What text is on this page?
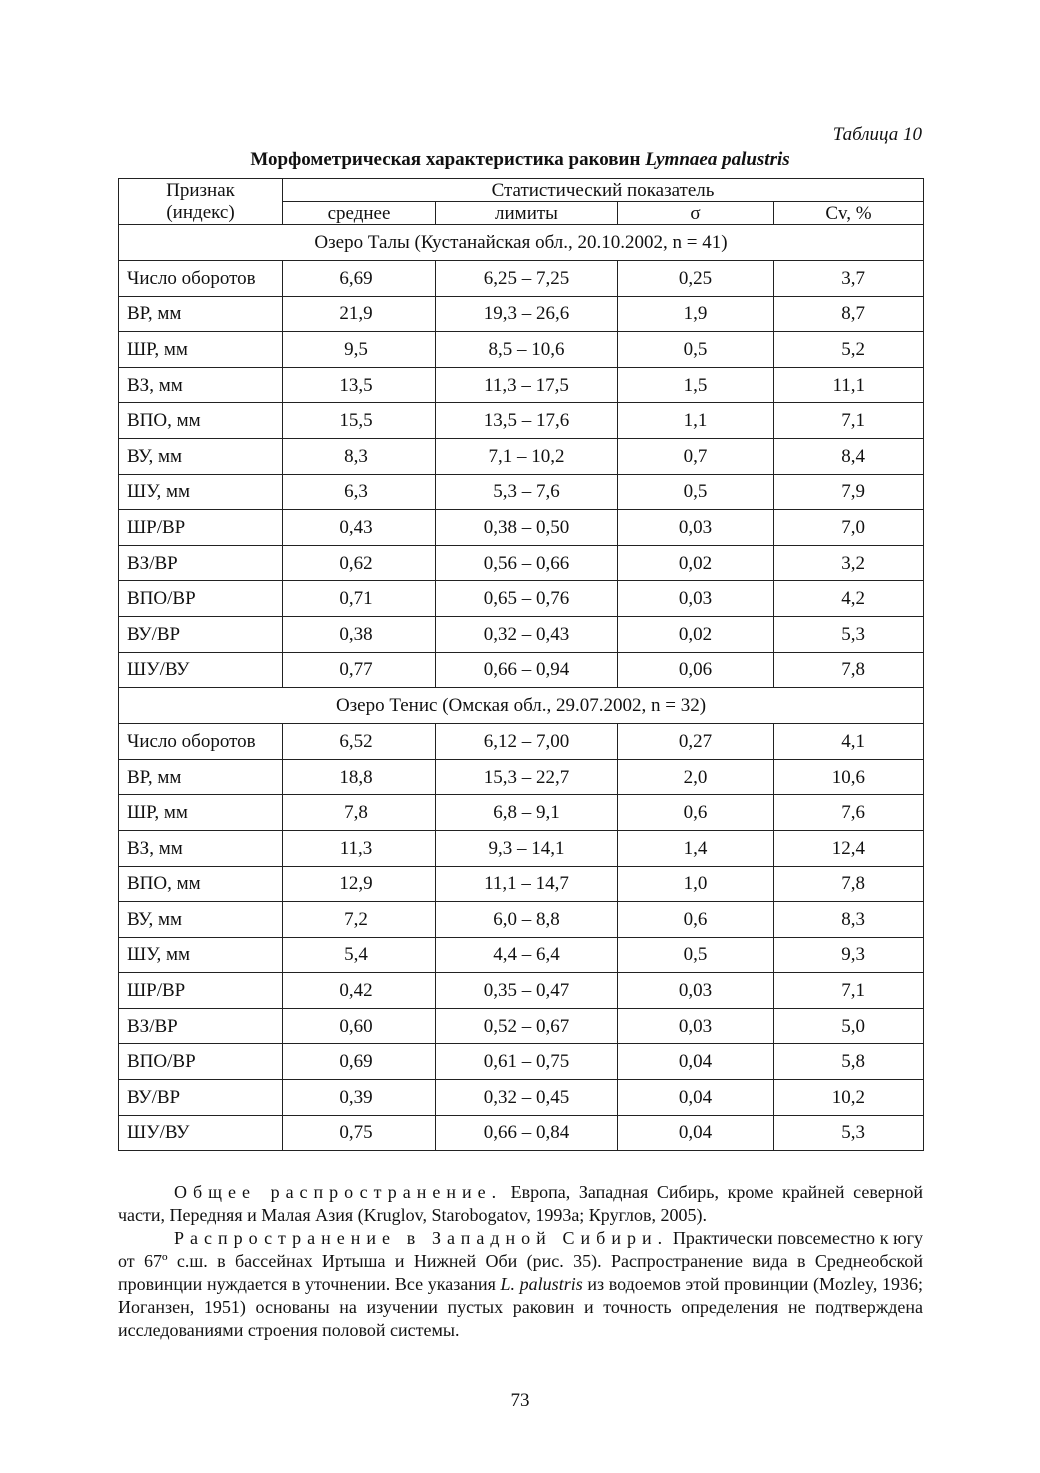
Таблица 10
Морфометрическая характеристика раковин Lymnaea palustris
Признак
(индекс)	Статистический показатель			
	среднее	лимиты	σ	Cv, %
Озеро Талы (Кустанайская обл., 20.10.2002, n = 41)				
Число оборотов	6,69	6,25 – 7,25	0,25	3,7
ВР, мм	21,9	19,3 – 26,6	1,9	8,7
ШР, мм	9,5	8,5 – 10,6	0,5	5,2
ВЗ, мм	13,5	11,3 – 17,5	1,5	11,1
ВПО, мм	15,5	13,5 – 17,6	1,1	7,1
ВУ, мм	8,3	7,1 – 10,2	0,7	8,4
ШУ, мм	6,3	5,3 – 7,6	0,5	7,9
ШР/ВР	0,43	0,38 – 0,50	0,03	7,0
ВЗ/ВР	0,62	0,56 – 0,66	0,02	3,2
ВПО/ВР	0,71	0,65 – 0,76	0,03	4,2
ВУ/ВР	0,38	0,32 – 0,43	0,02	5,3
ШУ/ВУ	0,77	0,66 – 0,94	0,06	7,8
Озеро Тенис (Омская обл., 29.07.2002, n = 32)				
Число оборотов	6,52	6,12 – 7,00	0,27	4,1
ВР, мм	18,8	15,3 – 22,7	2,0	10,6
ШР, мм	7,8	6,8 – 9,1	0,6	7,6
ВЗ, мм	11,3	9,3 – 14,1	1,4	12,4
ВПО, мм	12,9	11,1 – 14,7	1,0	7,8
ВУ, мм	7,2	6,0 – 8,8	0,6	8,3
ШУ, мм	5,4	4,4 – 6,4	0,5	9,3
ШР/ВР	0,42	0,35 – 0,47	0,03	7,1
ВЗ/ВР	0,60	0,52 – 0,67	0,03	5,0
ВПО/ВР	0,69	0,61 – 0,75	0,04	5,8
ВУ/ВР	0,39	0,32 – 0,45	0,04	10,2
ШУ/ВУ	0,75	0,66 – 0,84	0,04	5,3

Общее распространение. Европа, Западная Сибирь, кроме крайней северной части, Передняя и Малая Азия (Kruglov, Starobogatov, 1993а; Круглов, 2005).

Распространение в Западной Сибири. Практически повсеместно к югу от 67º с.ш. в бассейнах Иртыша и Нижней Оби (рис. 35). Распространение вида в Среднеобской провинции нуждается в уточнении. Все указания L. palustris из водоемов этой провинции (Mozley, 1936; Иоганзен, 1951) основаны на изучении пустых раковин и точность определения не подтверждена исследованиями строения половой системы.

73
